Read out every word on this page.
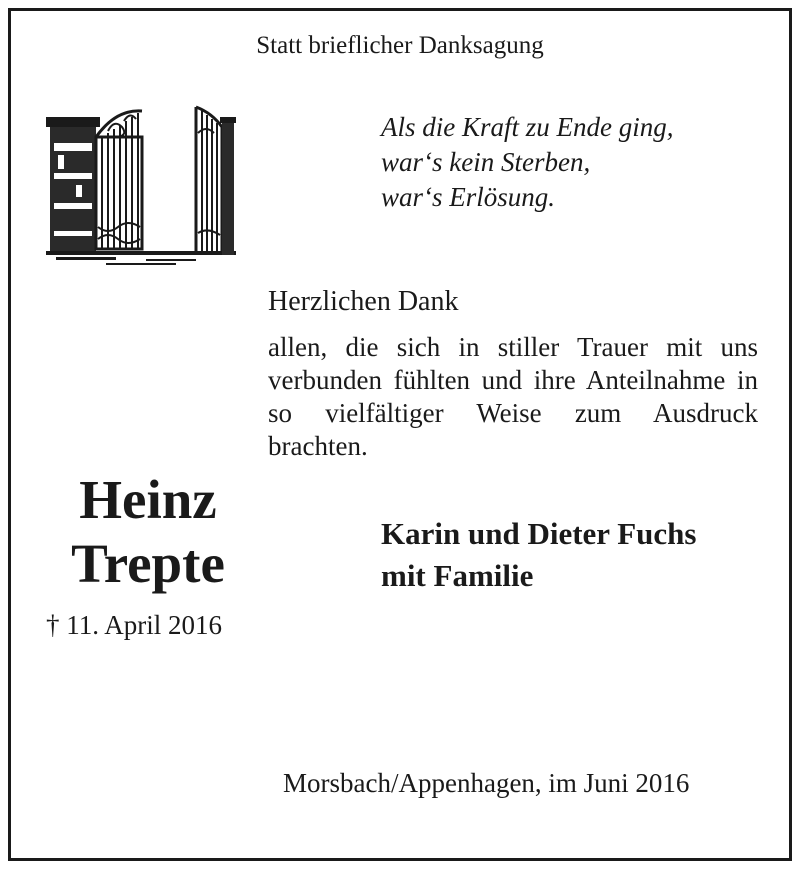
Statt brieflicher Danksagung
Als die Kraft zu Ende ging,
war‘s kein Sterben,
war‘s Erlösung.
Herzlichen Dank
allen, die sich in stiller Trauer mit uns verbunden fühlten und ihre Anteilnahme in so vielfältiger Weise zum Ausdruck brachten.
Heinz
Trepte
† 11. April 2016
Karin und Dieter Fuchs
mit Familie
Morsbach/Appenhagen, im Juni 2016
